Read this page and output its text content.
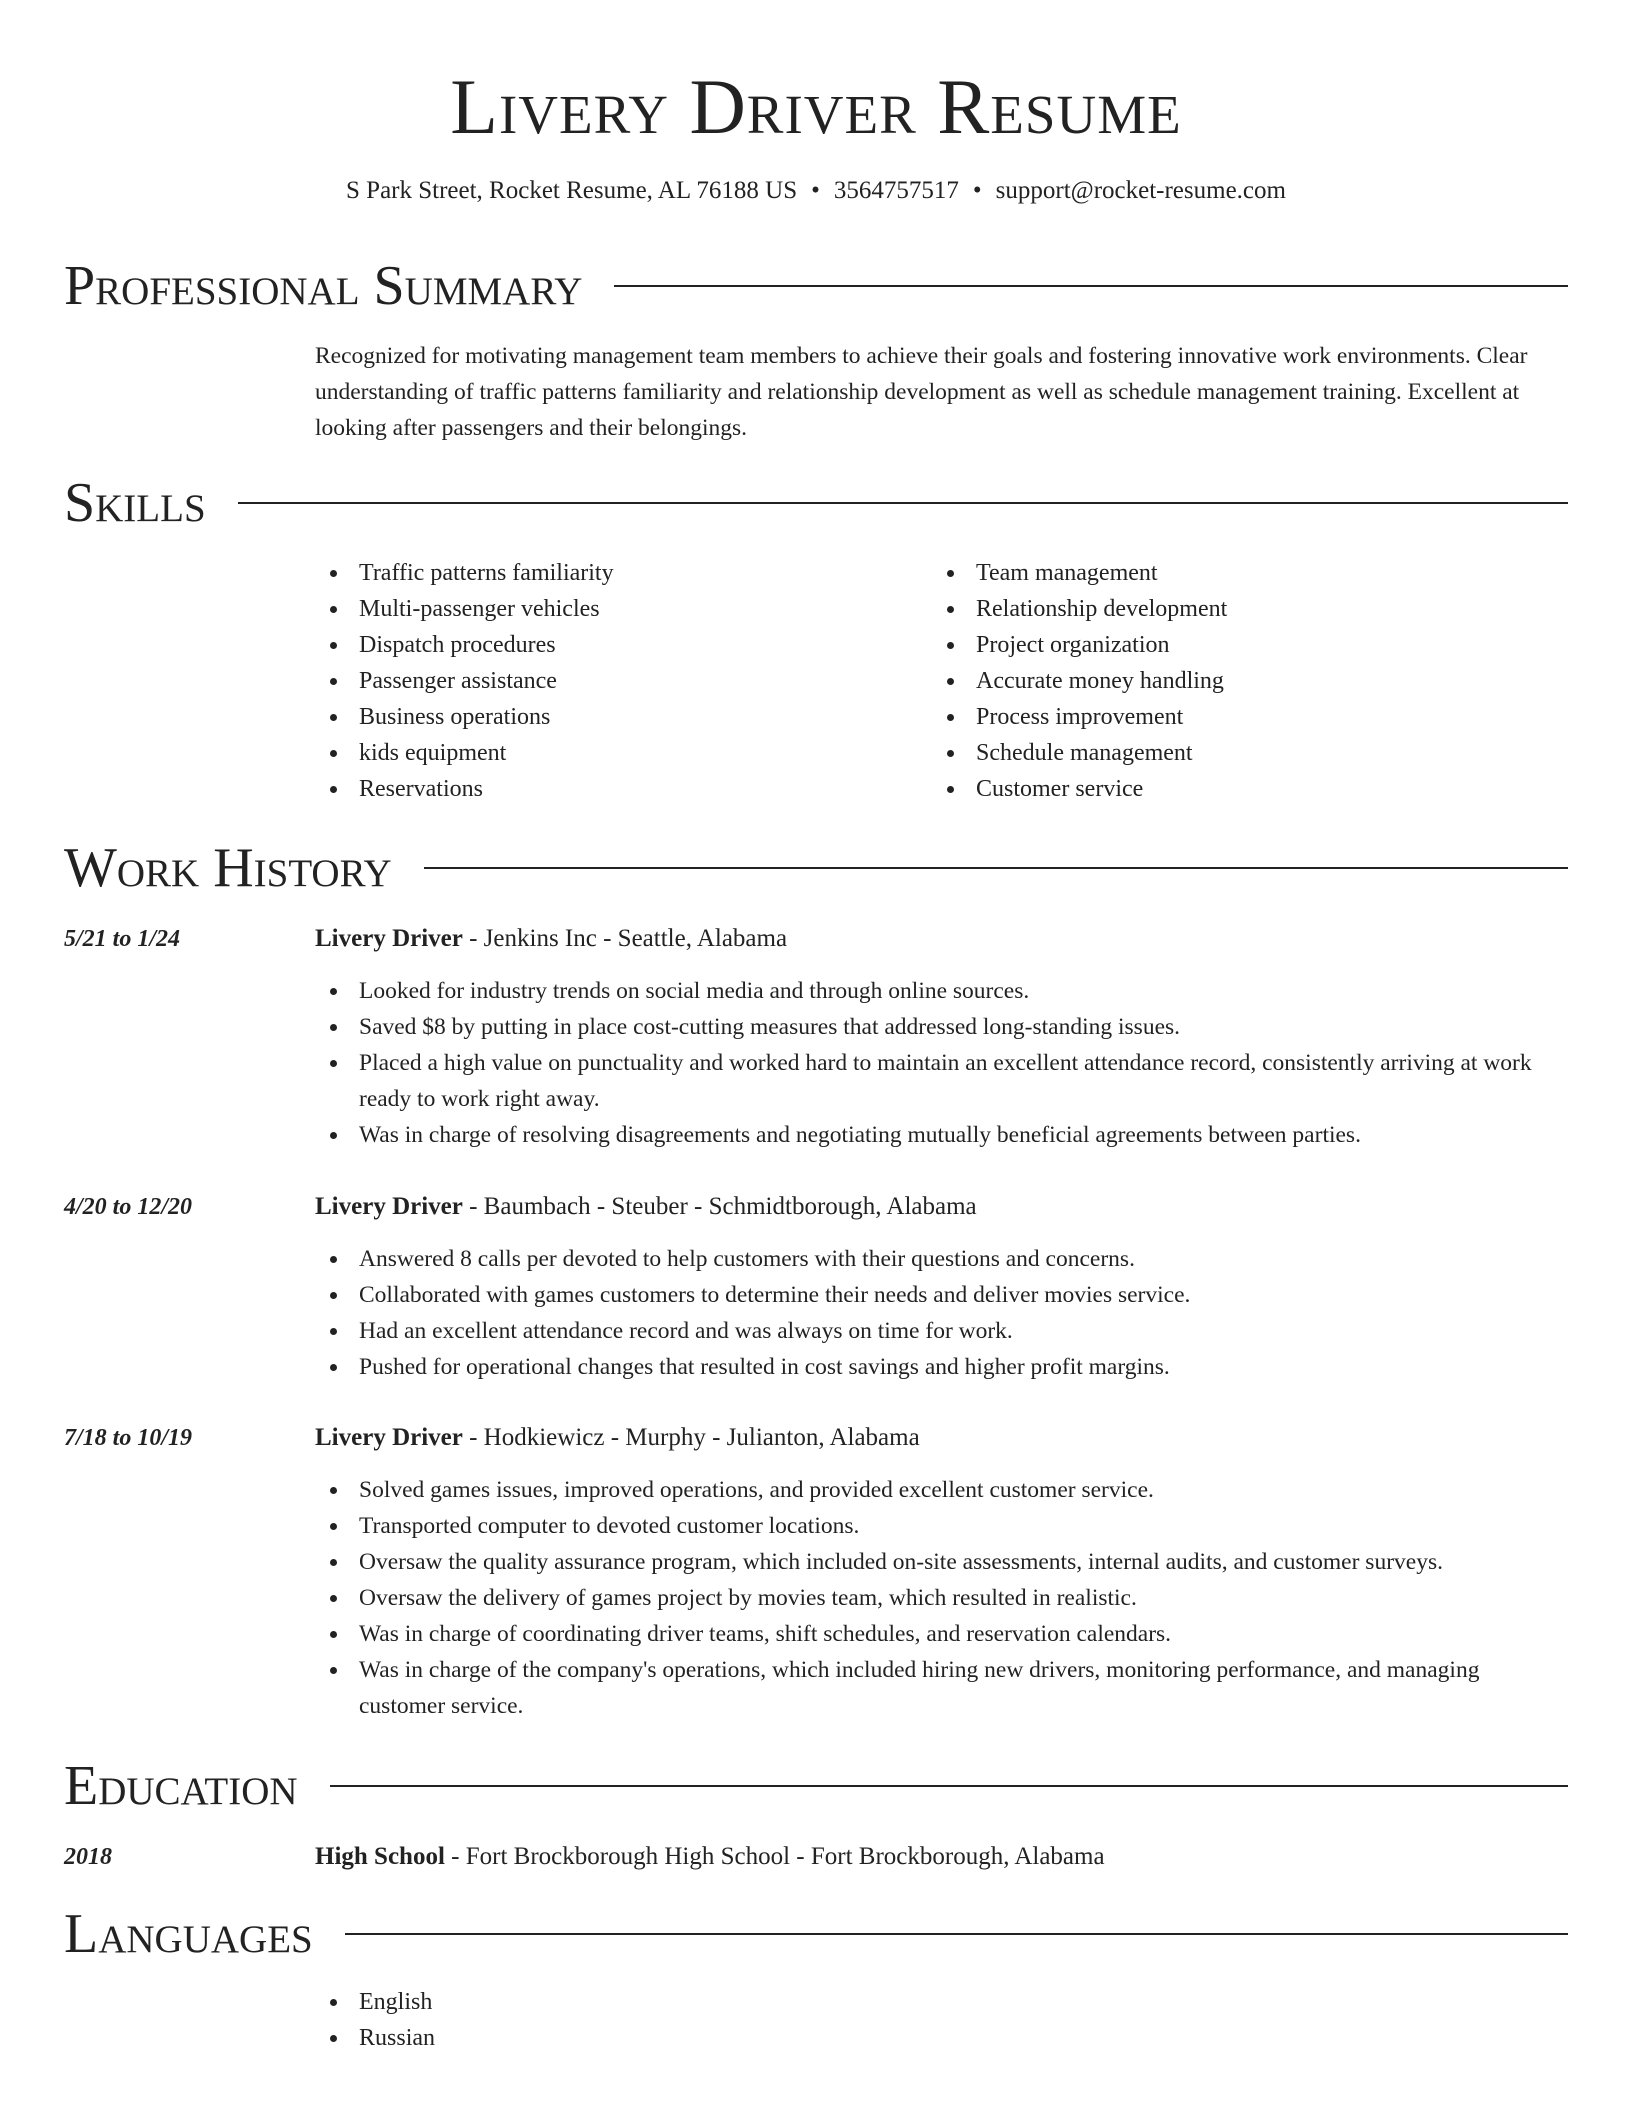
Livery Driver Resume
S Park Street, Rocket Resume, AL 76188 US • 3564757517 • support@rocket-resume.com
Professional Summary

Recognized for motivating management team members to achieve their goals and fostering innovative work environments. Clear understanding of traffic patterns familiarity and relationship development as well as schedule management training. Excellent at looking after passengers and their belongings.

Skills
Traffic patterns familiarity
Multi-passenger vehicles
Dispatch procedures
Passenger assistance
Business operations
kids equipment
Reservations
Team management
Relationship development
Project organization
Accurate money handling
Process improvement
Schedule management
Customer service
Work History
5/21 to 1/24	Livery Driver - Jenkins Inc - Seattle, Alabama
Looked for industry trends on social media and through online sources.
Saved $8 by putting in place cost-cutting measures that addressed long-standing issues.
Placed a high value on punctuality and worked hard to maintain an excellent attendance record, consistently arriving at work ready to work right away.
Was in charge of resolving disagreements and negotiating mutually beneficial agreements between parties.
4/20 to 12/20	Livery Driver - Baumbach - Steuber - Schmidtborough, Alabama
Answered 8 calls per devoted to help customers with their questions and concerns.
Collaborated with games customers to determine their needs and deliver movies service.
Had an excellent attendance record and was always on time for work.
Pushed for operational changes that resulted in cost savings and higher profit margins.
7/18 to 10/19	Livery Driver - Hodkiewicz - Murphy - Julianton, Alabama
Solved games issues, improved operations, and provided excellent customer service.
Transported computer to devoted customer locations.
Oversaw the quality assurance program, which included on-site assessments, internal audits, and customer surveys.
Oversaw the delivery of games project by movies team, which resulted in realistic.
Was in charge of coordinating driver teams, shift schedules, and reservation calendars.
Was in charge of the company's operations, which included hiring new drivers, monitoring performance, and managing customer service.
Education
2018	High School - Fort Brockborough High School - Fort Brockborough, Alabama
Languages
English
Russian
